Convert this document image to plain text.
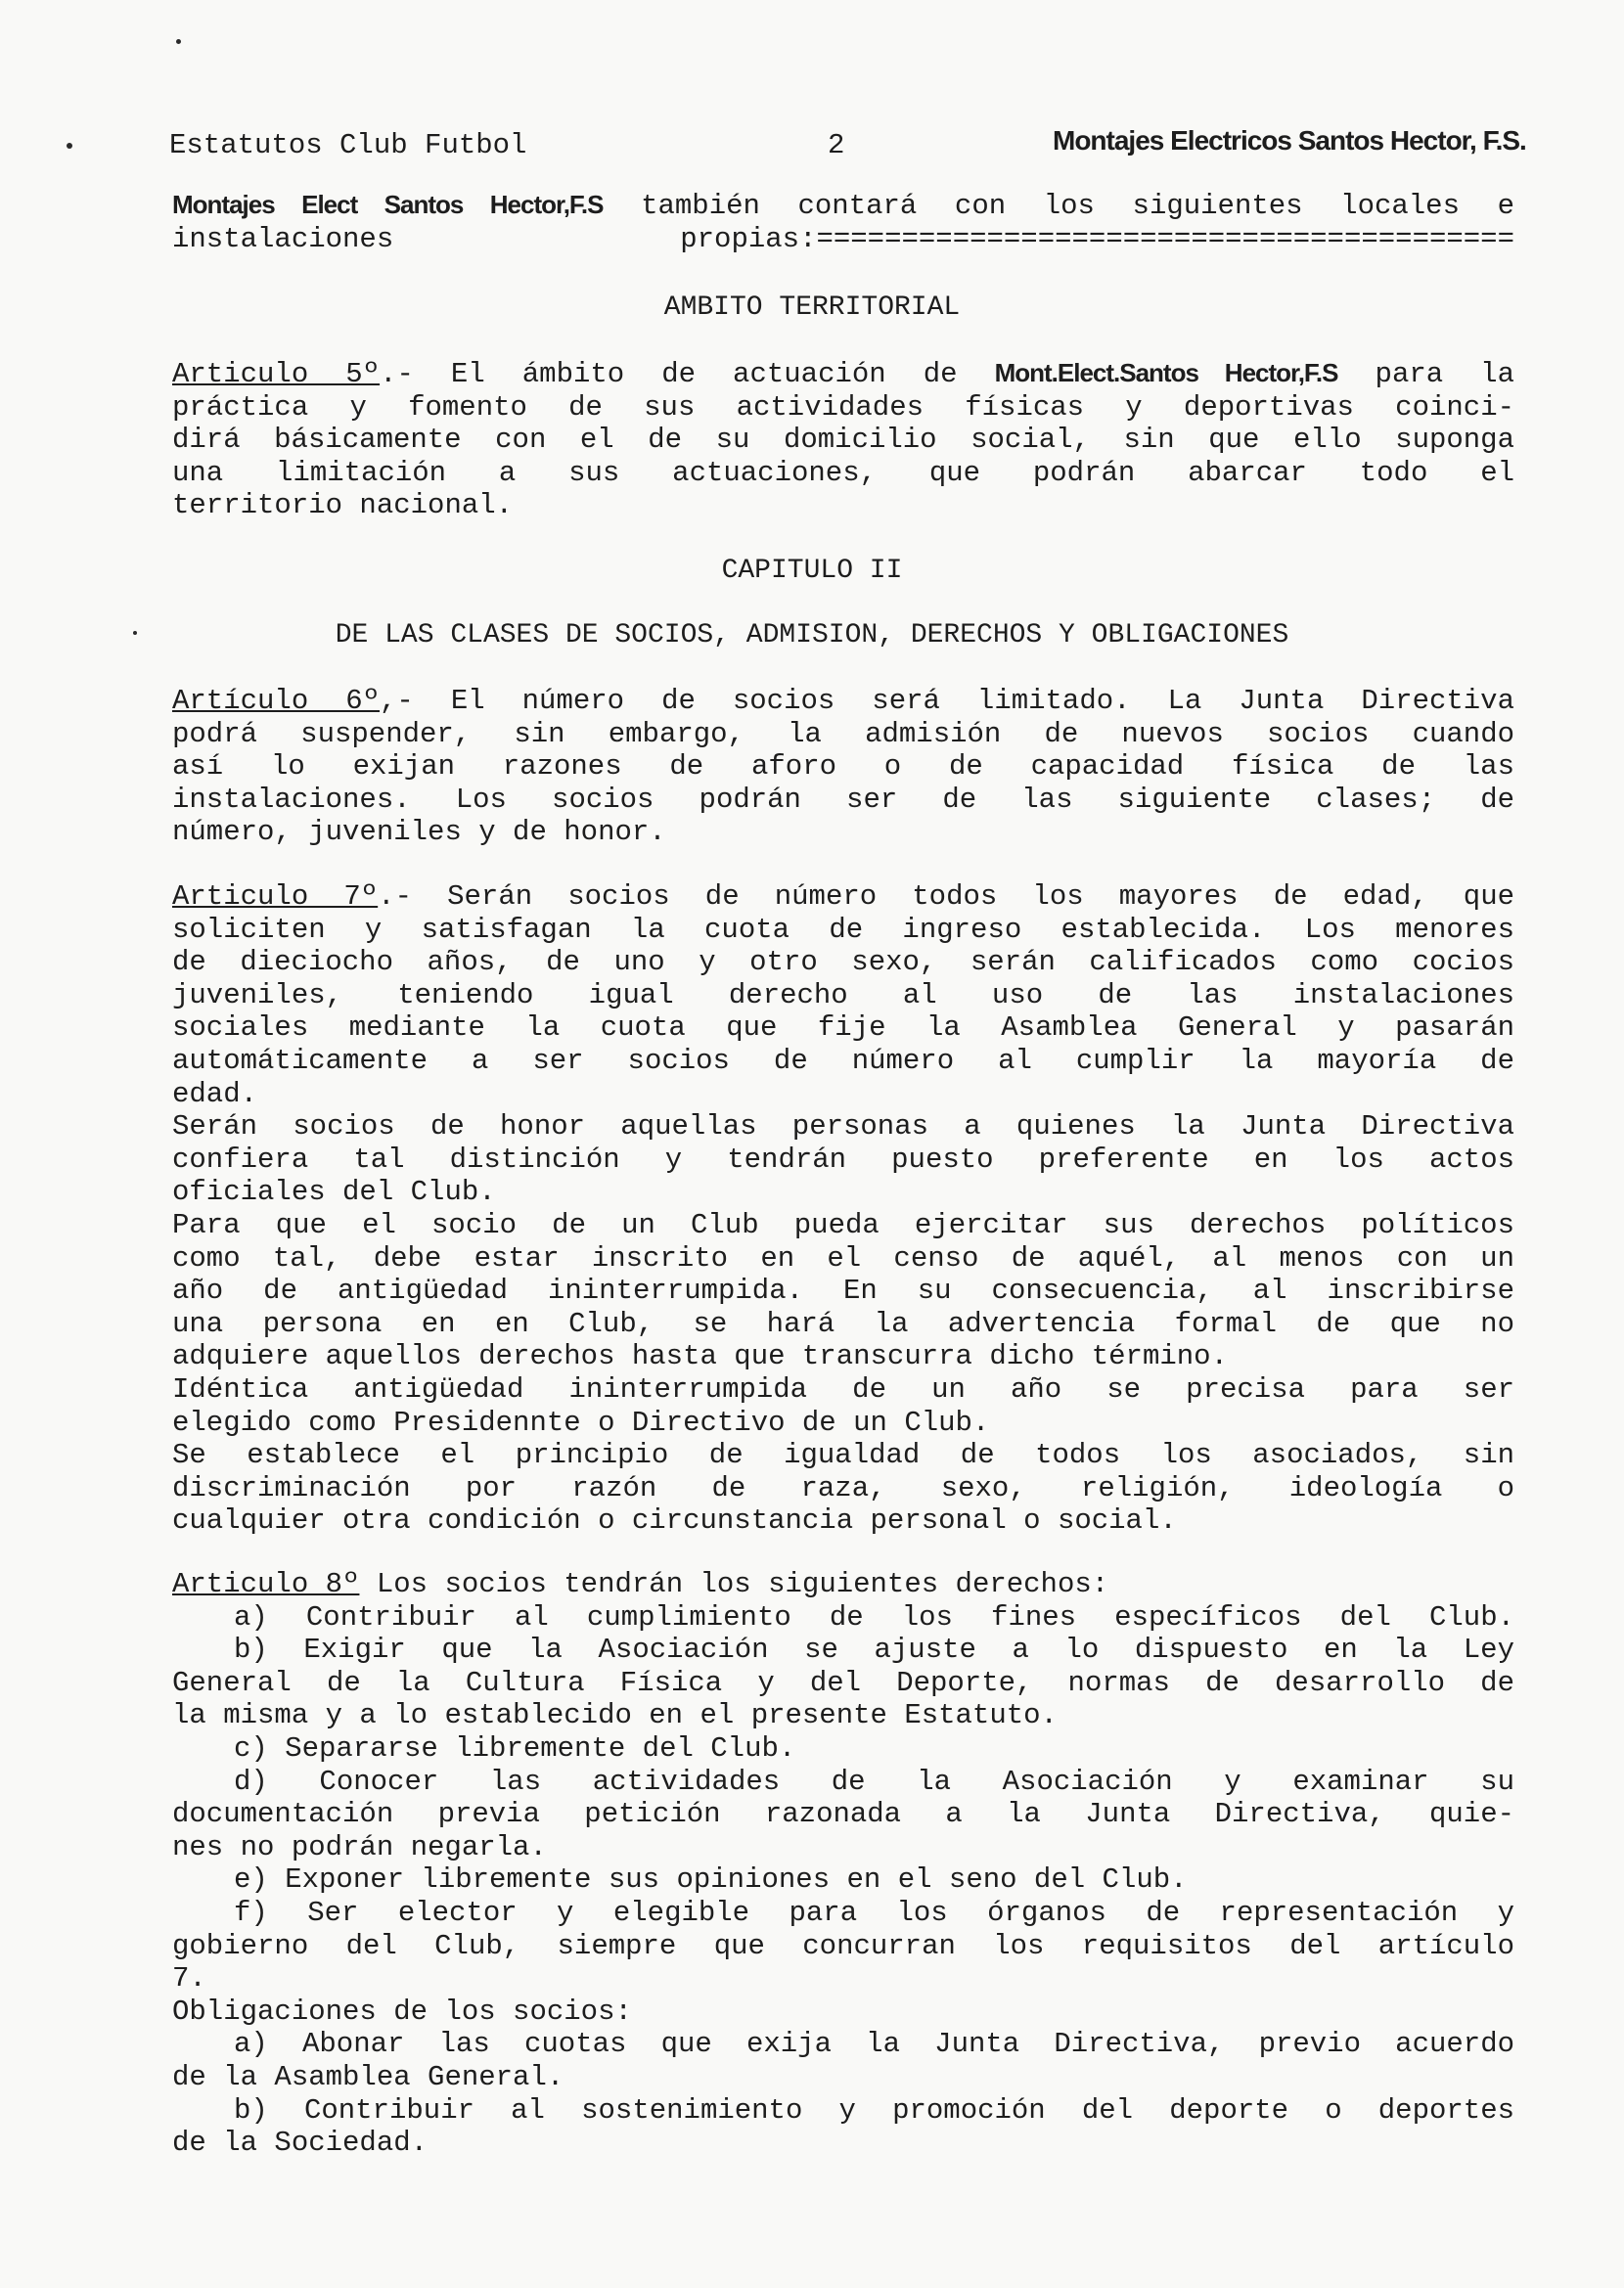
Estatutos Club Futbol	2	Montajes Electricos Santos Hector, F.S.
Montajes Elect Santos Hector,F.S también contará con los siguientes locales e
instalaciones propias:=========================================
AMBITO TERRITORIAL
Articulo 5º.- El ámbito de actuación de Mont.Elect.Santos Hector,F.S para la
práctica y fomento de sus actividades físicas y deportivas coinci-
dirá básicamente con el de su domicilio social, sin que ello suponga
una limitación a sus actuaciones, que podrán abarcar todo el
territorio nacional.
CAPITULO II
DE LAS CLASES DE SOCIOS, ADMISION, DERECHOS Y OBLIGACIONES
Artículo 6º,- El número de socios será limitado. La Junta Directiva
podrá suspender, sin embargo, la admisión de nuevos socios cuando
así lo exijan razones de aforo o de capacidad física de las
instalaciones. Los socios podrán ser de las siguiente clases; de
número, juveniles y de honor.
Articulo 7º.- Serán socios de número todos los mayores de edad, que
soliciten y satisfagan la cuota de ingreso establecida. Los menores
de dieciocho años, de uno y otro sexo, serán calificados como cocios
juveniles, teniendo igual derecho al uso de las instalaciones
sociales mediante la cuota que fije la Asamblea General y pasarán
automáticamente a ser socios de número al cumplir la mayoría de
edad.
Serán socios de honor aquellas personas a quienes la Junta Directiva
confiera tal distinción y tendrán puesto preferente en los actos
oficiales del Club.
Para que el socio de un Club pueda ejercitar sus derechos políticos
como tal, debe estar inscrito en el censo de aquél, al menos con un
año de antigüedad ininterrumpida. En su consecuencia, al inscribirse
una persona en en Club, se hará la advertencia formal de que no
adquiere aquellos derechos hasta que transcurra dicho término.
Idéntica antigüedad ininterrumpida de un año se precisa para ser
elegido como Presidennte o Directivo de un Club.
Se establece el principio de igualdad de todos los asociados, sin
discriminación por razón de raza, sexo, religión, ideología o
cualquier otra condición o circunstancia personal o social.
Articulo 8º Los socios tendrán los siguientes derechos:
a) Contribuir al cumplimiento de los fines específicos del Club.
b) Exigir que la Asociación se ajuste a lo dispuesto en la Ley
General de la Cultura Física y del Deporte, normas de desarrollo de
la misma y a lo establecido en el presente Estatuto.
c) Separarse libremente del Club.
d) Conocer las actividades de la Asociación y examinar su
documentación previa petición razonada a la Junta Directiva, quie-
nes no podrán negarla.
e) Exponer libremente sus opiniones en el seno del Club.
f) Ser elector y elegible para los órganos de representación y
gobierno del Club, siempre que concurran los requisitos del artículo
7.
Obligaciones de los socios:
a) Abonar las cuotas que exija la Junta Directiva, previo acuerdo
de la Asamblea General.
b) Contribuir al sostenimiento y promoción del deporte o deportes
de la Sociedad.
